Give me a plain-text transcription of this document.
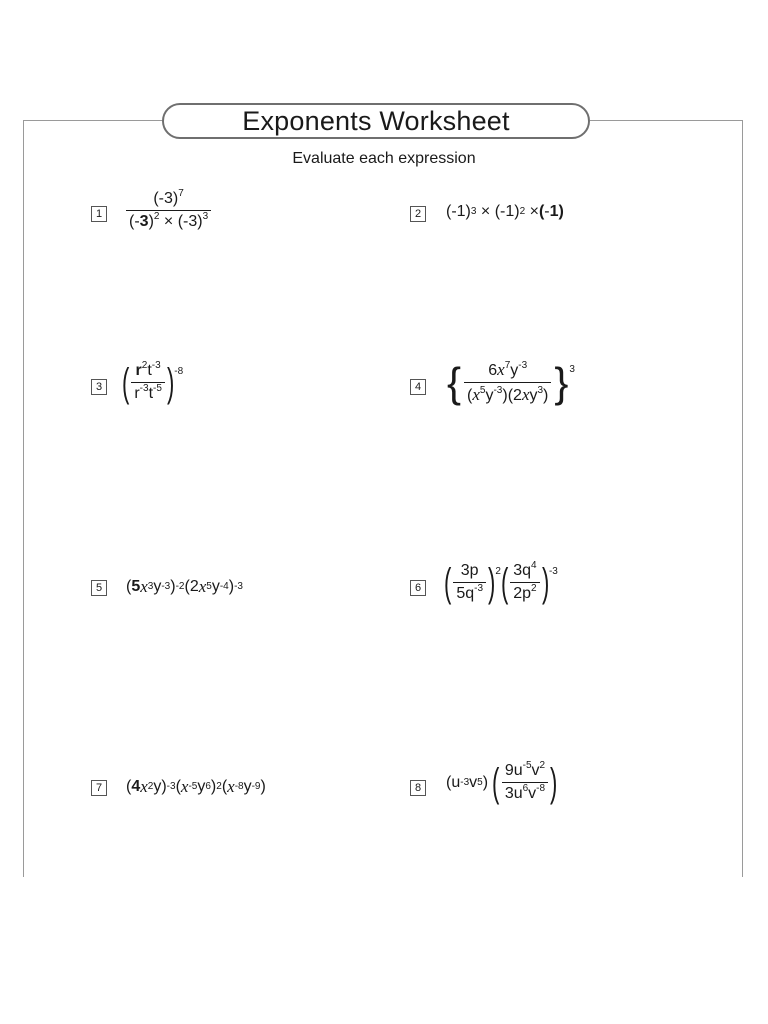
Exponents Worksheet
Evaluate each expression
1	$\frac{(-3)^7}{(-3)^2 \times (-3)^3}$	2	(-1) 3 × (-1) 2 × ( - 1)
3 ( $\frac{r^2t^{-3}}{r^{-3}t^{-5}}$ ) -8
4 { $\frac{6x^7y^{-3}}{(x^5y^{-3})(2xy^3)}$ } 3
5	( 5 x 3 y -3 ) -2 (2 x 5 y -4 ) -3	6 ( $\frac{3p}{5q^{-3}}$ ) 2 ( $\frac{3q^4}{2p^2}$ ) -3
7	( 4 x 2 y) -3 ( x -5 y 6 ) 2 ( x -8 y -9 )	8	(u -3 v 5 ) ( $\frac{9u^{-5}v^2}{3u^6v^{-8}}$ )
